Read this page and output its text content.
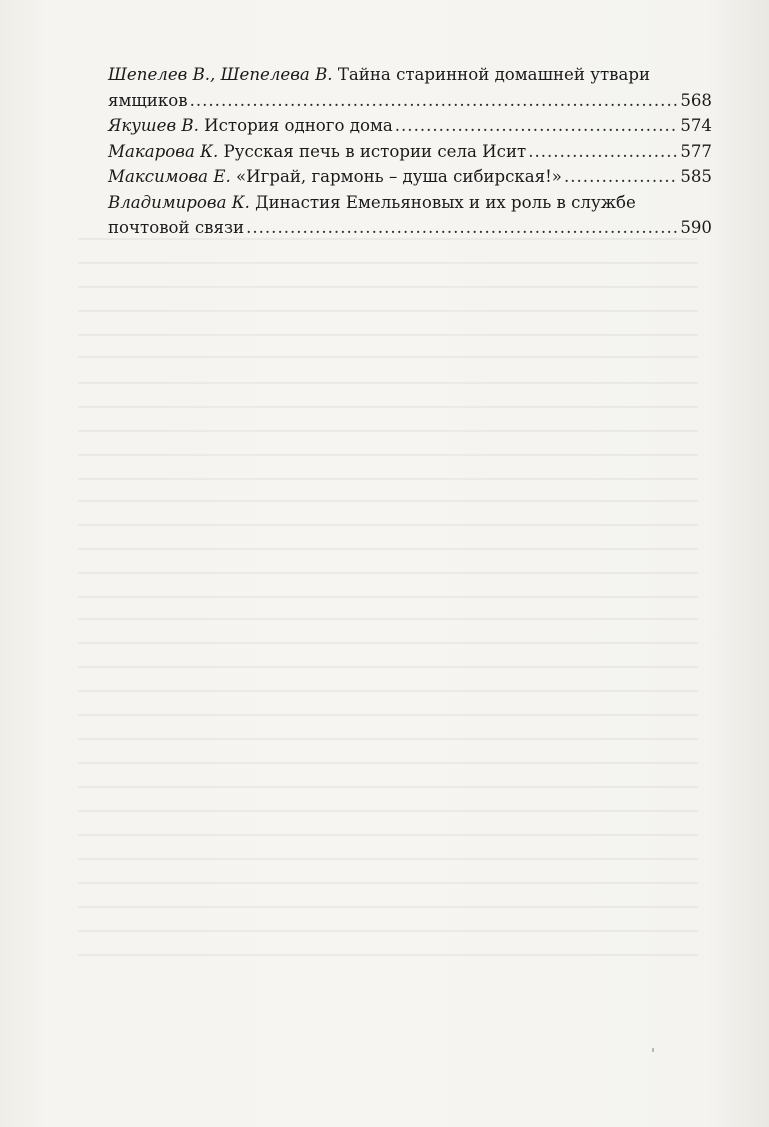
Шепелев В., Шепелева В. Тайна старинной домашней утвари
ямщиков .....	568
Якушев В. История одного дома .....	574
Макарова К. Русская печь в истории села Исит .....	577
Максимова Е. «Играй, гармонь – душа сибирская!» .....	585
Владимирова К. Династия Емельяновых и их роль в службе
почтовой связи .....	590
